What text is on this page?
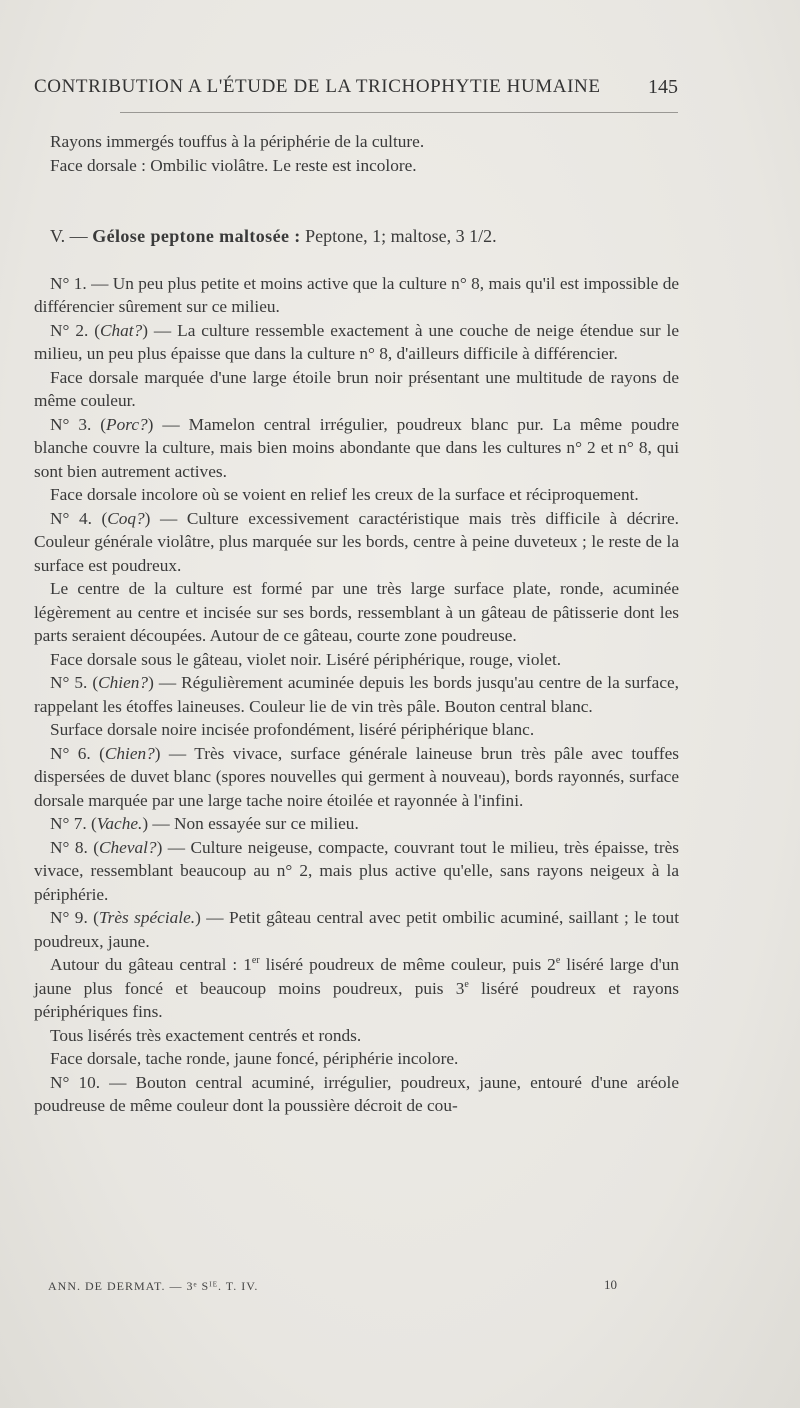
CONTRIBUTION A L'ÉTUDE DE LA TRICHOPHYTIE HUMAINE	145

Rayons immergés touffus à la périphérie de la culture.

Face dorsale : Ombilic violâtre. Le reste est incolore.

V. — Gélose peptone maltosée : Peptone, 1; maltose, 3 1/2.

N° 1. — Un peu plus petite et moins active que la culture n° 8, mais qu'il est impossible de différencier sûrement sur ce milieu.

N° 2. (Chat?) — La culture ressemble exactement à une couche de neige étendue sur le milieu, un peu plus épaisse que dans la culture n° 8, d'ailleurs difficile à différencier.

Face dorsale marquée d'une large étoile brun noir présentant une multitude de rayons de même couleur.

N° 3. (Porc?) — Mamelon central irrégulier, poudreux blanc pur. La même poudre blanche couvre la culture, mais bien moins abondante que dans les cultures n° 2 et n° 8, qui sont bien autrement actives.

Face dorsale incolore où se voient en relief les creux de la surface et réciproquement.

N° 4. (Coq?) — Culture excessivement caractéristique mais très difficile à décrire. Couleur générale violâtre, plus marquée sur les bords, centre à peine duveteux ; le reste de la surface est poudreux.

Le centre de la culture est formé par une très large surface plate, ronde, acuminée légèrement au centre et incisée sur ses bords, ressemblant à un gâteau de pâtisserie dont les parts seraient découpées. Autour de ce gâteau, courte zone poudreuse.

Face dorsale sous le gâteau, violet noir. Liséré périphérique, rouge, violet.

N° 5. (Chien?) — Régulièrement acuminée depuis les bords jusqu'au centre de la surface, rappelant les étoffes laineuses. Couleur lie de vin très pâle. Bouton central blanc.

Surface dorsale noire incisée profondément, liséré périphérique blanc.

N° 6. (Chien?) — Très vivace, surface générale laineuse brun très pâle avec touffes dispersées de duvet blanc (spores nouvelles qui germent à nouveau), bords rayonnés, surface dorsale marquée par une large tache noire étoilée et rayonnée à l'infini.

N° 7. (Vache.) — Non essayée sur ce milieu.

N° 8. (Cheval?) — Culture neigeuse, compacte, couvrant tout le milieu, très épaisse, très vivace, ressemblant beaucoup au n° 2, mais plus active qu'elle, sans rayons neigeux à la périphérie.

N° 9. (Très spéciale.) — Petit gâteau central avec petit ombilic acuminé, saillant ; le tout poudreux, jaune.

Autour du gâteau central : 1er liséré poudreux de même couleur, puis 2e liséré large d'un jaune plus foncé et beaucoup moins poudreux, puis 3e liséré poudreux et rayons périphériques fins.

Tous lisérés très exactement centrés et ronds.

Face dorsale, tache ronde, jaune foncé, périphérie incolore.

N° 10. — Bouton central acuminé, irrégulier, poudreux, jaune, entouré d'une aréole poudreuse de même couleur dont la poussière décroit de cou-

ANN. DE DERMAT. — 3ᵉ Sᴵᴱ. T. IV.	10
